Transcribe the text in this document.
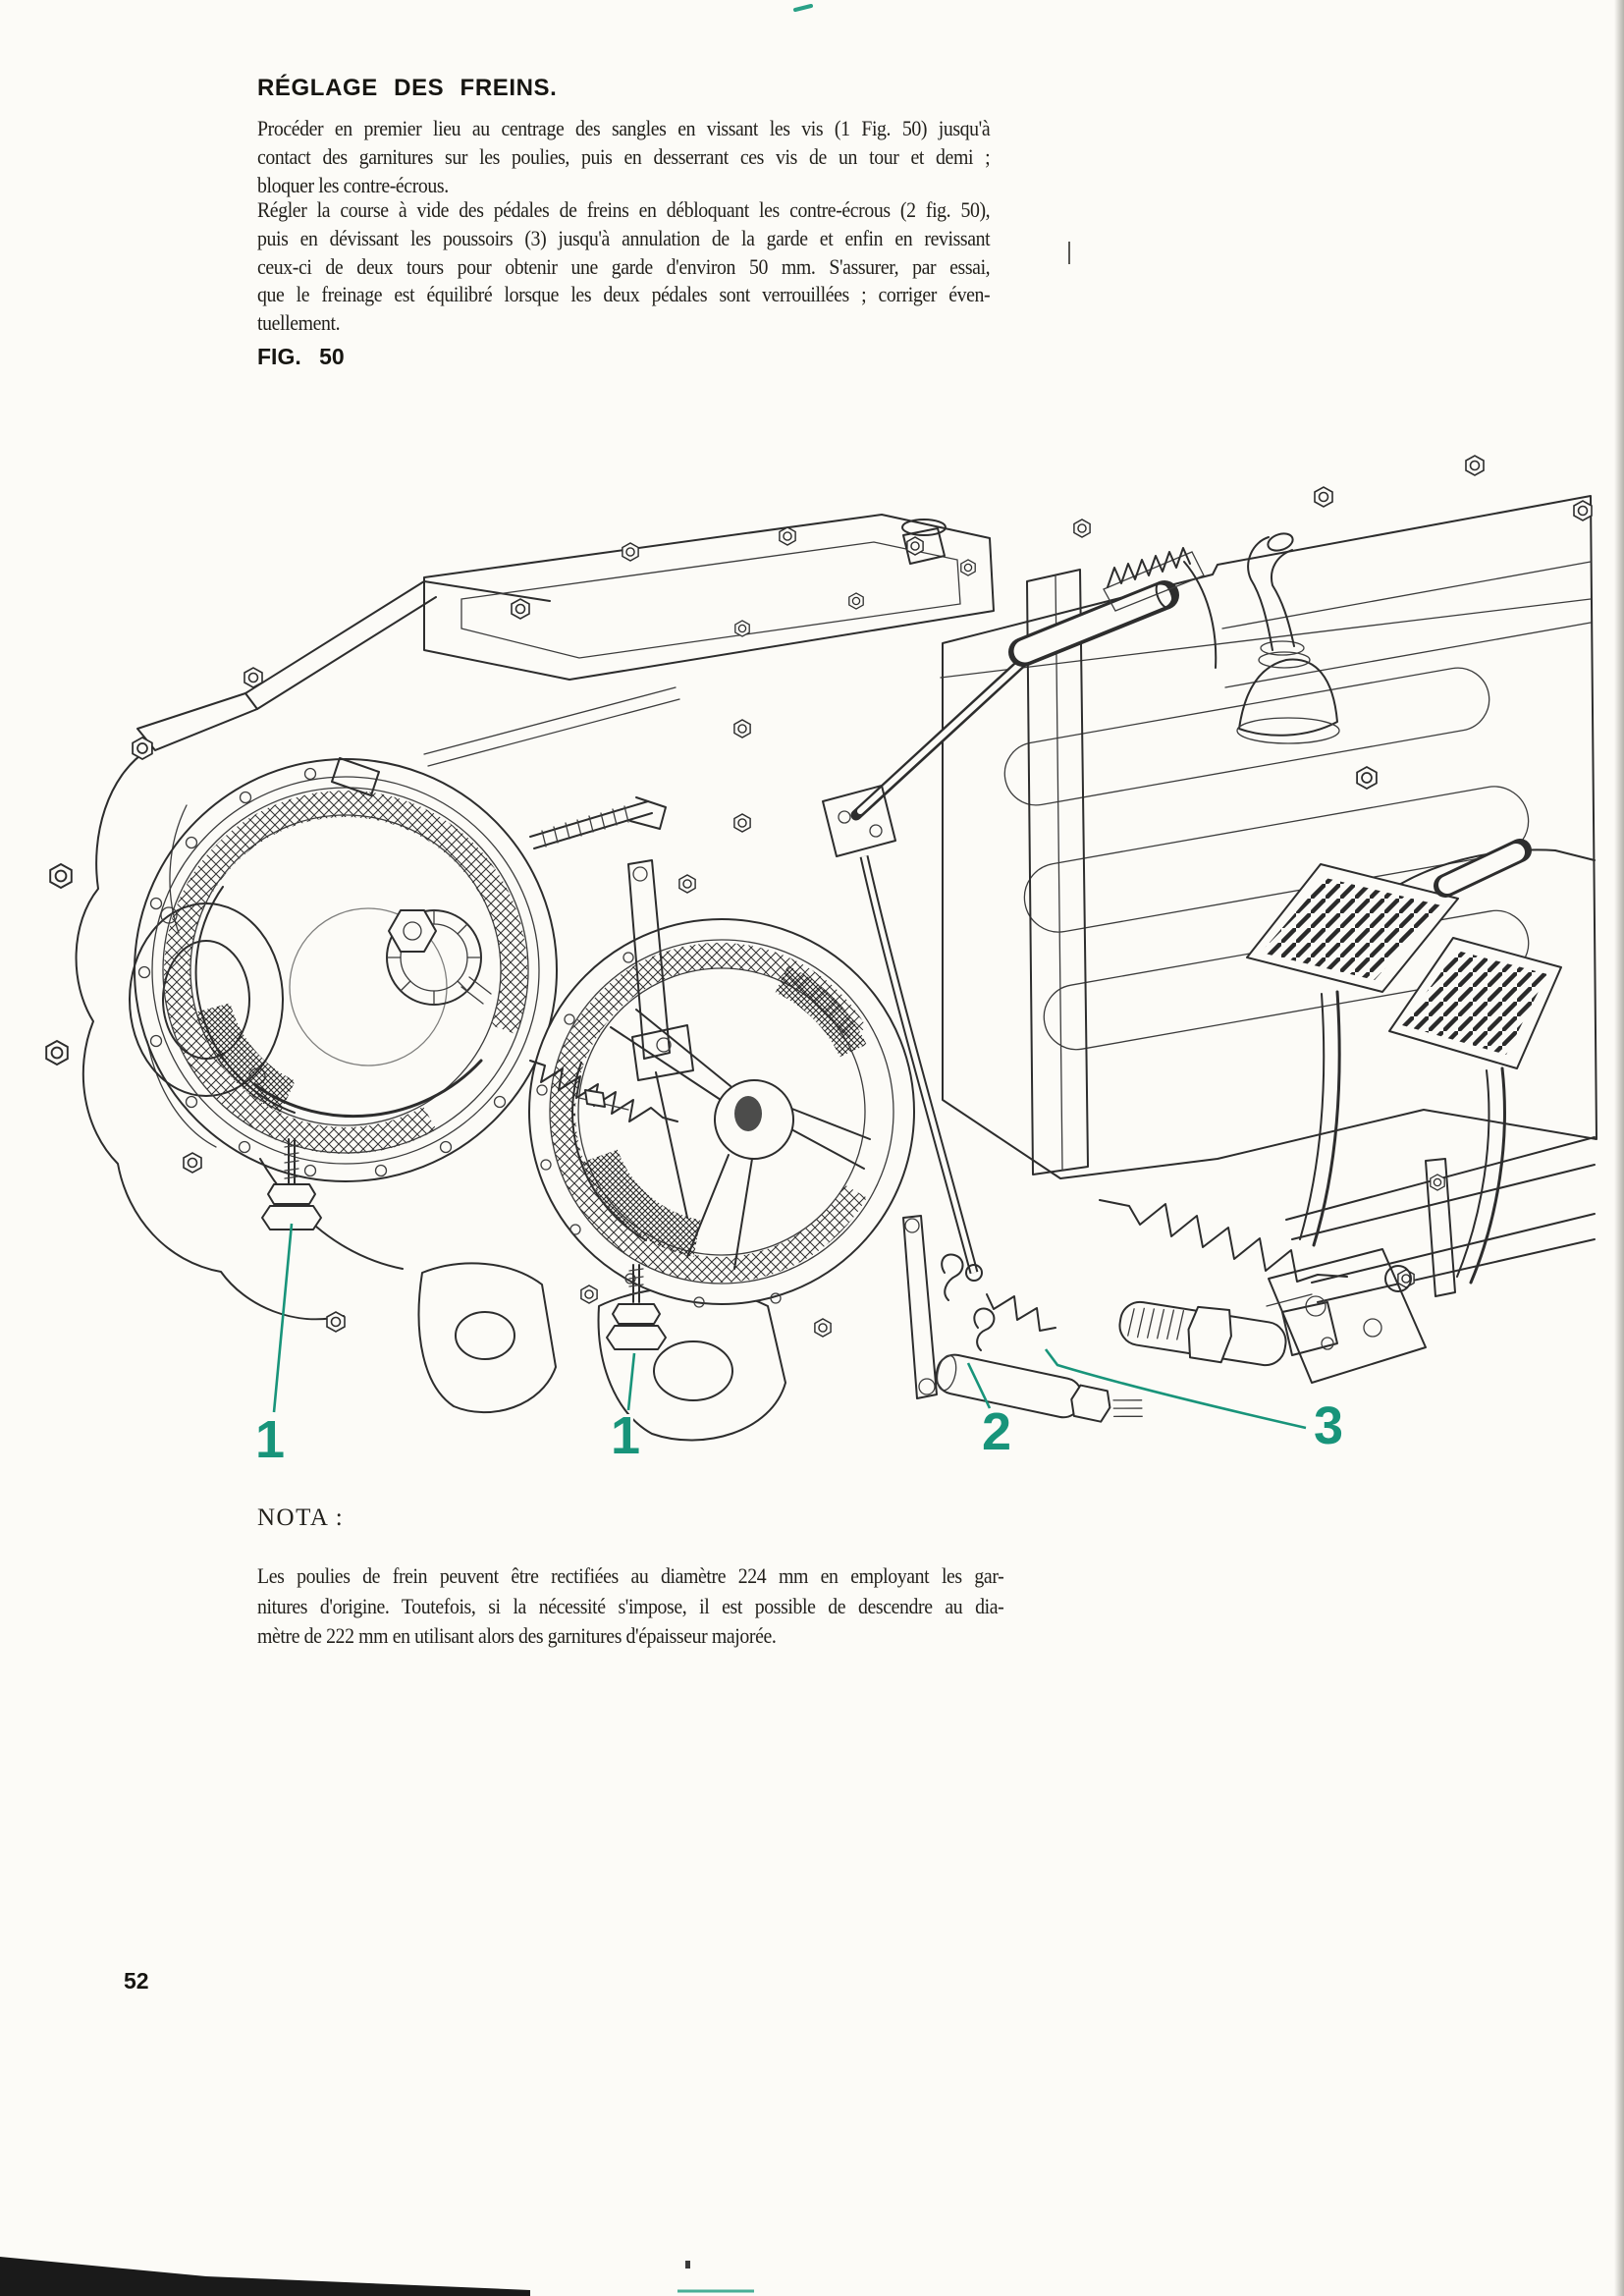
1	1	2	3
RÉGLAGE DES FREINS.
Procéder en premier lieu au centrage des sangles en vissant les vis (1 Fig. 50) jusqu'à
contact des garnitures sur les poulies, puis en desserrant ces vis de un tour et demi ;
bloquer les contre-écrous.
Régler la course à vide des pédales de freins en débloquant les contre-écrous (2 fig. 50),
puis en dévissant les poussoirs (3) jusqu'à annulation de la garde et enfin en revissant
ceux-ci de deux tours pour obtenir une garde d'environ 50 mm. S'assurer, par essai,
que le freinage est équilibré lorsque les deux pédales sont verrouillées ; corriger éven-
tuellement.
FIG. 50
NOTA :
Les poulies de frein peuvent être rectifiées au diamètre 224 mm en employant les gar-
nitures d'origine. Toutefois, si la nécessité s'impose, il est possible de descendre au dia-
mètre de 222 mm en utilisant alors des garnitures d'épaisseur majorée.
52
